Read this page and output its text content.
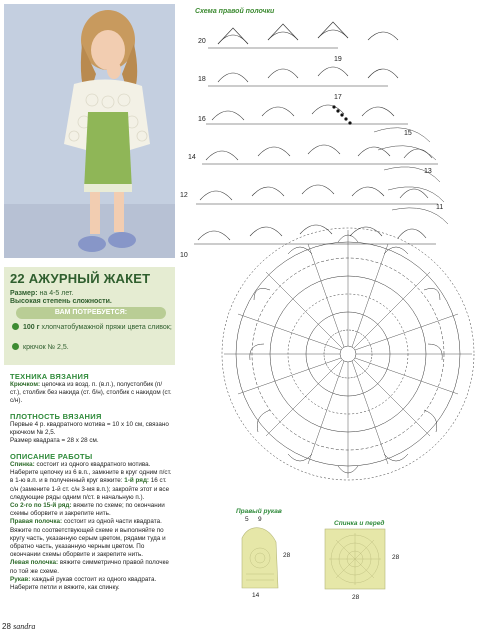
22 АЖУРНЫЙ ЖАКЕТ
Размер: на 4-5 лет.
Высокая степень сложности.
ВАМ ПОТРЕБУЕТСЯ:
100 г хлопчатобумажной пряжи цвета сливок;
крючок № 2,5.
ТЕХНИКА ВЯЗАНИЯ
Крючком: цепочка из возд. п. (в.п.), полустолбик (п/ст.), столбик без накида (ст. б/н), столбик с накидом (ст. с/н).
ПЛОТНОСТЬ ВЯЗАНИЯ
Первые 4 р. квадратного мотива = 10 х 10 см, связано крючком № 2,5.
Размер квадрата = 28 х 28 см.
ОПИСАНИЕ РАБОТЫ
Спинка: состоит из одного квадратного мотива. Наберите цепочку из 6 в.п., замкните в круг одним п/ст. в 1-ю в.п. и в полученный круг вяжите: 1-й ряд: 16 ст. с/н (замените 1-й ст. с/н 3-мя в.п.); закройте этот и все следующие ряды одним п/ст. в начальную п.).
Со 2-го по 15-й ряд: вяжите по схеме; по окончании схемы оборвите и закрепите нить.
Правая полочка: состоит из одной части квадрата. Вяжите по соответствующей схеме и выполняйте по кругу часть, указанную серым цветом, рядами туда и обратно часть, указанную черным цветом. По окончании схемы оборвите и закрепите нить.
Левая полочка: вяжите симметрично правой полочке по той же схеме.
Рукав: каждый рукав состоит из одного квадрата. Наберите петли и вяжите, как спинку.
28 sandra
Схема правой полочки
20
19
18
17
16
15
14
13
12
11
10
Правый рукав
5 9
28
14
Спинка и перед
28
28
